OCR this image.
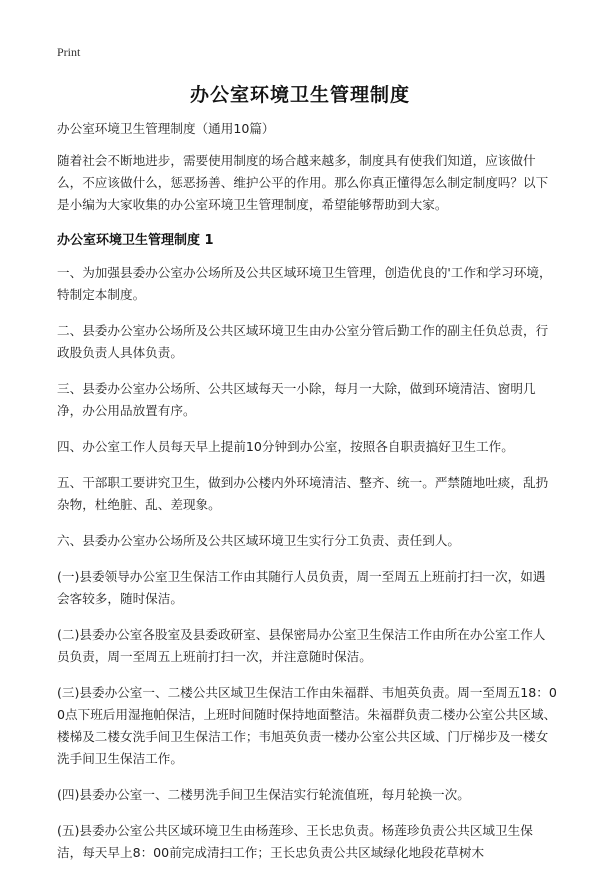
Print
办公室环境卫生管理制度

办公室环境卫生管理制度（通用10篇）

随着社会不断地进步，需要使用制度的场合越来越多，制度具有使我们知道，应该做什么，不应该做什么，惩恶扬善、维护公平的作用。那么你真正懂得怎么制定制度吗？以下是小编为大家收集的办公室环境卫生管理制度，希望能够帮助到大家。

办公室环境卫生管理制度 1

一、为加强县委办公室办公场所及公共区域环境卫生管理，创造优良的'工作和学习环境，特制定本制度。

二、县委办公室办公场所及公共区域环境卫生由办公室分管后勤工作的副主任负总责，行政股负责人具体负责。

三、县委办公室办公场所、公共区域每天一小除，每月一大除，做到环境清洁、窗明几净，办公用品放置有序。

四、办公室工作人员每天早上提前10分钟到办公室，按照各自职责搞好卫生工作。

五、干部职工要讲究卫生，做到办公楼内外环境清洁、整齐、统一。严禁随地吐痰，乱扔杂物，杜绝脏、乱、差现象。

六、县委办公室办公场所及公共区域环境卫生实行分工负责、责任到人。

(一)县委领导办公室卫生保洁工作由其随行人员负责，周一至周五上班前打扫一次，如遇会客较多，随时保洁。

(二)县委办公室各股室及县委政研室、县保密局办公室卫生保洁工作由所在办公室工作人员负责，周一至周五上班前打扫一次，并注意随时保洁。

(三)县委办公室一、二楼公共区域卫生保洁工作由朱福群、韦旭英负责。周一至周五18：00点下班后用湿拖帕保洁，上班时间随时保持地面整洁。朱福群负责二楼办公室公共区域、楼梯及二楼女洗手间卫生保洁工作；韦旭英负责一楼办公室公共区域、门厅梯步及一楼女洗手间卫生保洁工作。

(四)县委办公室一、二楼男洗手间卫生保洁实行轮流值班，每月轮换一次。

(五)县委办公室公共区域环境卫生由杨莲珍、王长忠负责。杨莲珍负责公共区域卫生保洁，每天早上8：00前完成清扫工作；王长忠负责公共区域绿化地段花草树木
